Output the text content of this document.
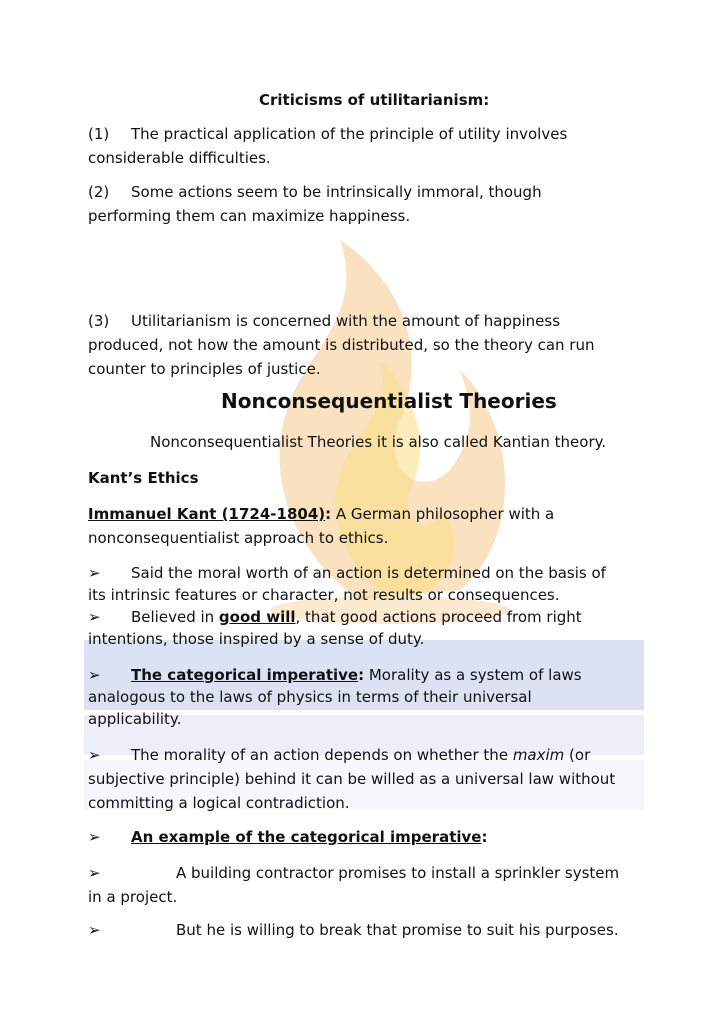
Criticisms of utilitarianism:

(1) The practical application of the principle of utility involves

considerable difficulties.

(2) Some actions seem to be intrinsically immoral, though

performing them can maximize happiness.

(3) Utilitarianism is concerned with the amount of happiness

produced, not how the amount is distributed, so the theory can run

counter to principles of justice.

Nonconsequentialist Theories

Nonconsequentialist Theories it is also called Kantian theory.

Kant’s Ethics

Immanuel Kant (1724-1804): A German philosopher with a

nonconsequentialist approach to ethics.

➢ Said the moral worth of an action is determined on the basis of

its intrinsic features or character, not results or consequences.

➢ Believed in good will, that good actions proceed from right

intentions, those inspired by a sense of duty.

➢ The categorical imperative: Morality as a system of laws

analogous to the laws of physics in terms of their universal

applicability.

➢ The morality of an action depends on whether the maxim (or

subjective principle) behind it can be willed as a universal law without

committing a logical contradiction.

➢ An example of the categorical imperative:

➢	A building contractor promises to install a sprinkler system

in a project.

➢	But he is willing to break that promise to suit his purposes.
